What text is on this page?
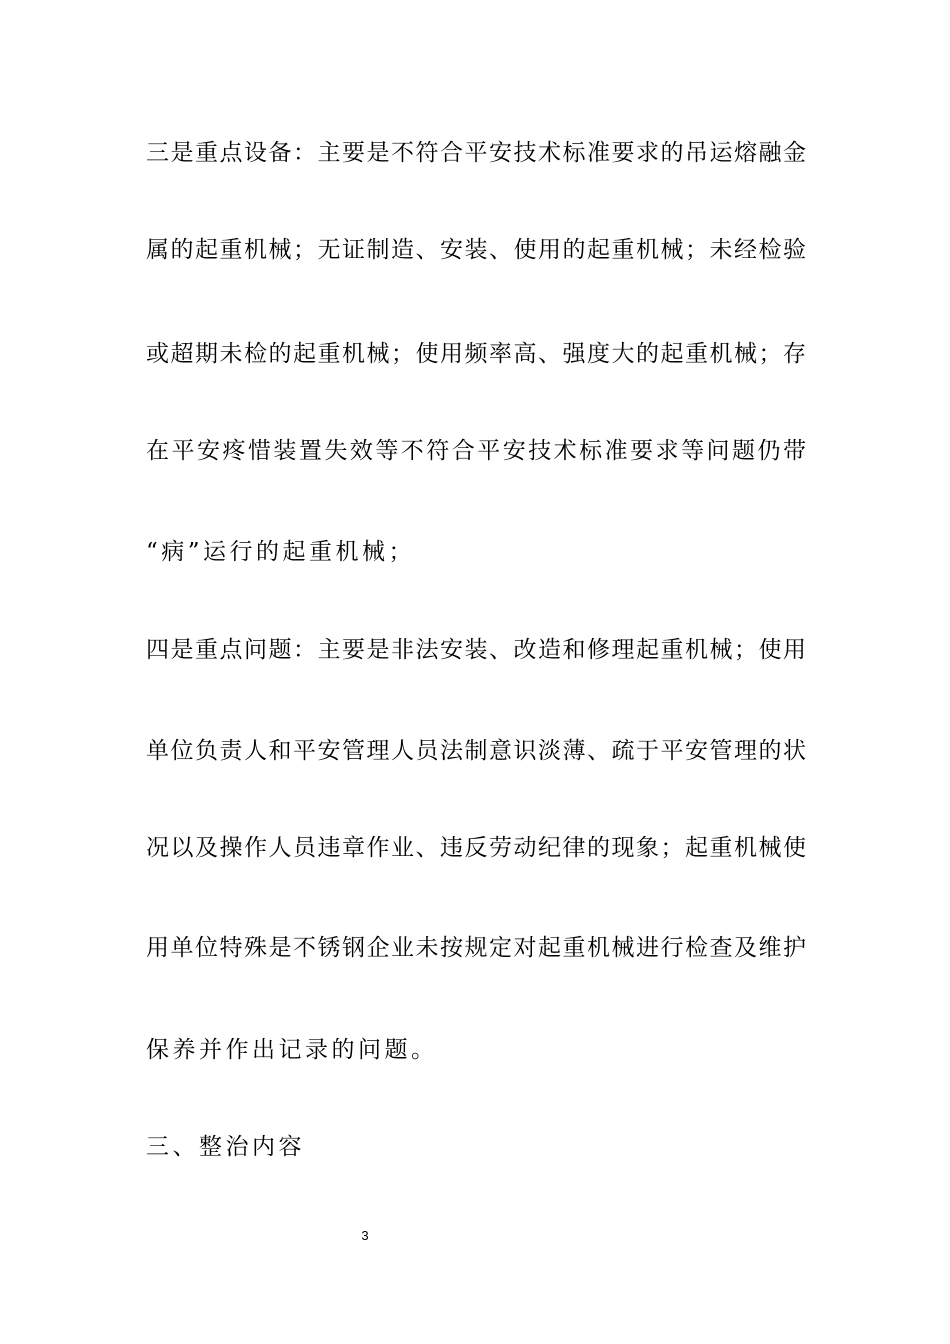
三是重点设备：主要是不符合平安技术标准要求的吊运熔融金
属的起重机械；无证制造、安装、使用的起重机械；未经检验
或超期未检的起重机械；使用频率高、强度大的起重机械；存
在平安疼惜装置失效等不符合平安技术标准要求等问题仍带
“病”运行的起重机械；
四是重点问题：主要是非法安装、改造和修理起重机械；使用
单位负责人和平安管理人员法制意识淡薄、疏于平安管理的状
况以及操作人员违章作业、违反劳动纪律的现象；起重机械使
用单位特殊是不锈钢企业未按规定对起重机械进行检查及维护
保养并作出记录的问题。
三、整治内容
3
